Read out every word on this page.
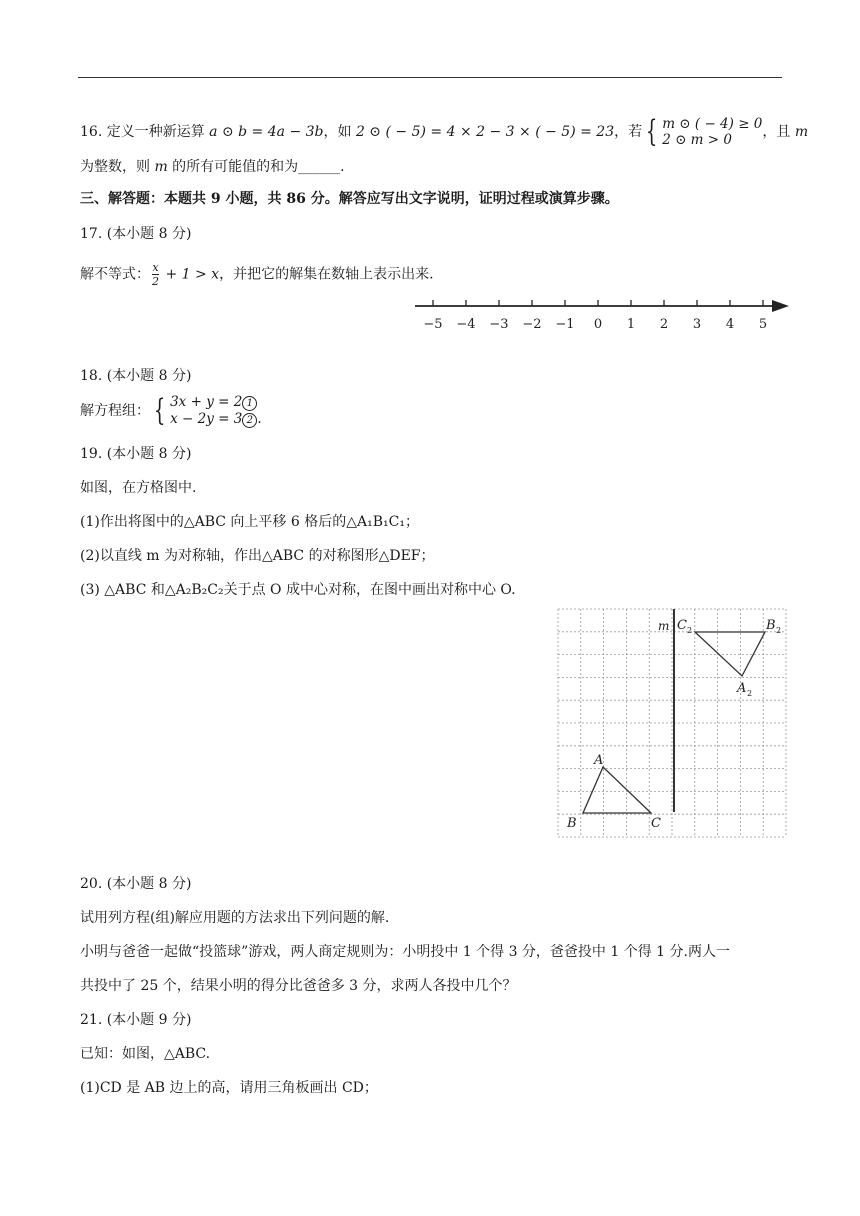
16. 定义一种新运算 a ⊙ b = 4a − 3b，如 2 ⊙ ( − 5) = 4 × 2 − 3 × ( − 5) = 23，若 { m ⊙ ( − 4) ≥ 0
2 ⊙ m > 0	，且 m
为整数，则 m 的所有可能值的和为______.
三、解答题：本题共 9 小题，共 86 分。解答应写出文字说明，证明过程或演算步骤。
17. (本小题 8 分)
解不等式： $\frac{x}{2} + 1 > x$，并把它的解集在数轴上表示出来.
−5 −4 −3 −2 −1 0 1 2 3 4 5
18. (本小题 8 分)
解方程组： { 3x + y = 2 1
x − 2y = 3 2 .
19. (本小题 8 分)
如图，在方格图中.
(1)作出将图中的△ABC 向上平移 6 格后的△A₁B₁C₁；
(2)以直线 m 为对称轴，作出△ABC 的对称图形△DEF；
(3) △ABC 和△A₂B₂C₂关于点 O 成中心对称，在图中画出对称中心 O.
m
A
B	C
C 2	B 2
A 2
20. (本小题 8 分)
试用列方程(组)解应用题的方法求出下列问题的解.
小明与爸爸一起做“投篮球”游戏，两人商定规则为：小明投中 1 个得 3 分，爸爸投中 1 个得 1 分.两人一
共投中了 25 个，结果小明的得分比爸爸多 3 分，求两人各投中几个？
21. (本小题 9 分)
已知：如图，△ABC.
(1)CD 是 AB 边上的高，请用三角板画出 CD；
